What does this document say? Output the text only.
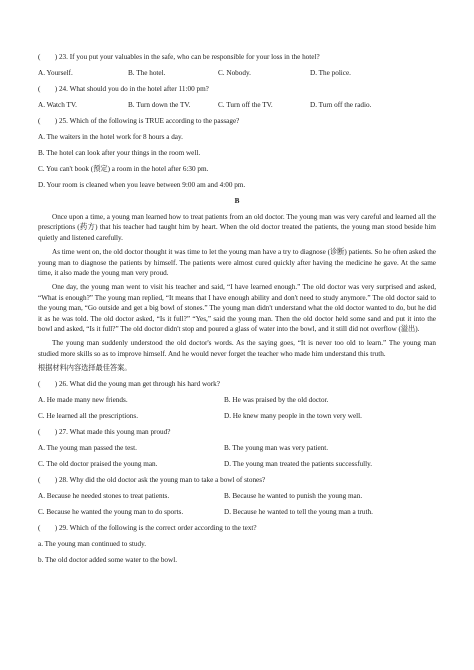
(　　) 23. If you put your valuables in the safe, who can be responsible for your loss in the hotel?
A. Yourself.	B. The hotel.	C. Nobody.	D. The police.
(　　) 24. What should you do in the hotel after 11:00 pm?
A. Watch TV.	B. Turn down the TV.	C. Turn off the TV.	D. Turn off the radio.
(　　) 25. Which of the following is TRUE according to the passage?
A. The waiters in the hotel work for 8 hours a day.
B. The hotel can look after your things in the room well.
C. You can't book (预定) a room in the hotel after 6:30 pm.
D. Your room is cleaned when you leave between 9:00 am and 4:00 pm.
B

Once upon a time, a young man learned how to treat patients from an old doctor. The young man was very careful and learned all the prescriptions (药方) that his teacher had taught him by heart. When the old doctor treated the patients, the young man stood beside him quietly and listened carefully.

As time went on, the old doctor thought it was time to let the young man have a try to diagnose (诊断) patients. So he often asked the young man to diagnose the patients by himself. The patients were almost cured quickly after having the medicine he gave. At the same time, it also made the young man very proud.

One day, the young man went to visit his teacher and said, “I have learned enough.” The old doctor was very surprised and asked, “What is enough?” The young man replied, “It means that I have enough ability and don't need to study anymore.” The old doctor said to the young man, “Go outside and get a big bowl of stones.” The young man didn't understand what the old doctor wanted to do, but he did it as he was told. The old doctor asked, “Is it full?” “Yes,” said the young man. Then the old doctor held some sand and put it into the bowl and asked, “Is it full?” The old doctor didn't stop and poured a glass of water into the bowl, and it still did not overflow (溢出).

The young man suddenly understood the old doctor's words. As the saying goes, “It is never too old to learn.” The young man studied more skills so as to improve himself. And he would never forget the teacher who made him understand this truth.

根据材料内容选择最佳答案。
(　　) 26. What did the young man get through his hard work?
A. He made many new friends.	B. He was praised by the old doctor.
C. He learned all the prescriptions.	D. He knew many people in the town very well.
(　　) 27. What made this young man proud?
A. The young man passed the test.	B. The young man was very patient.
C. The old doctor praised the young man.	D. The young man treated the patients successfully.
(　　) 28. Why did the old doctor ask the young man to take a bowl of stones?
A. Because he needed stones to treat patients.	B. Because he wanted to punish the young man.
C. Because he wanted the young man to do sports.	D. Because he wanted to tell the young man a truth.
(　　) 29. Which of the following is the correct order according to the text?
a. The young man continued to study.
b. The old doctor added some water to the bowl.
